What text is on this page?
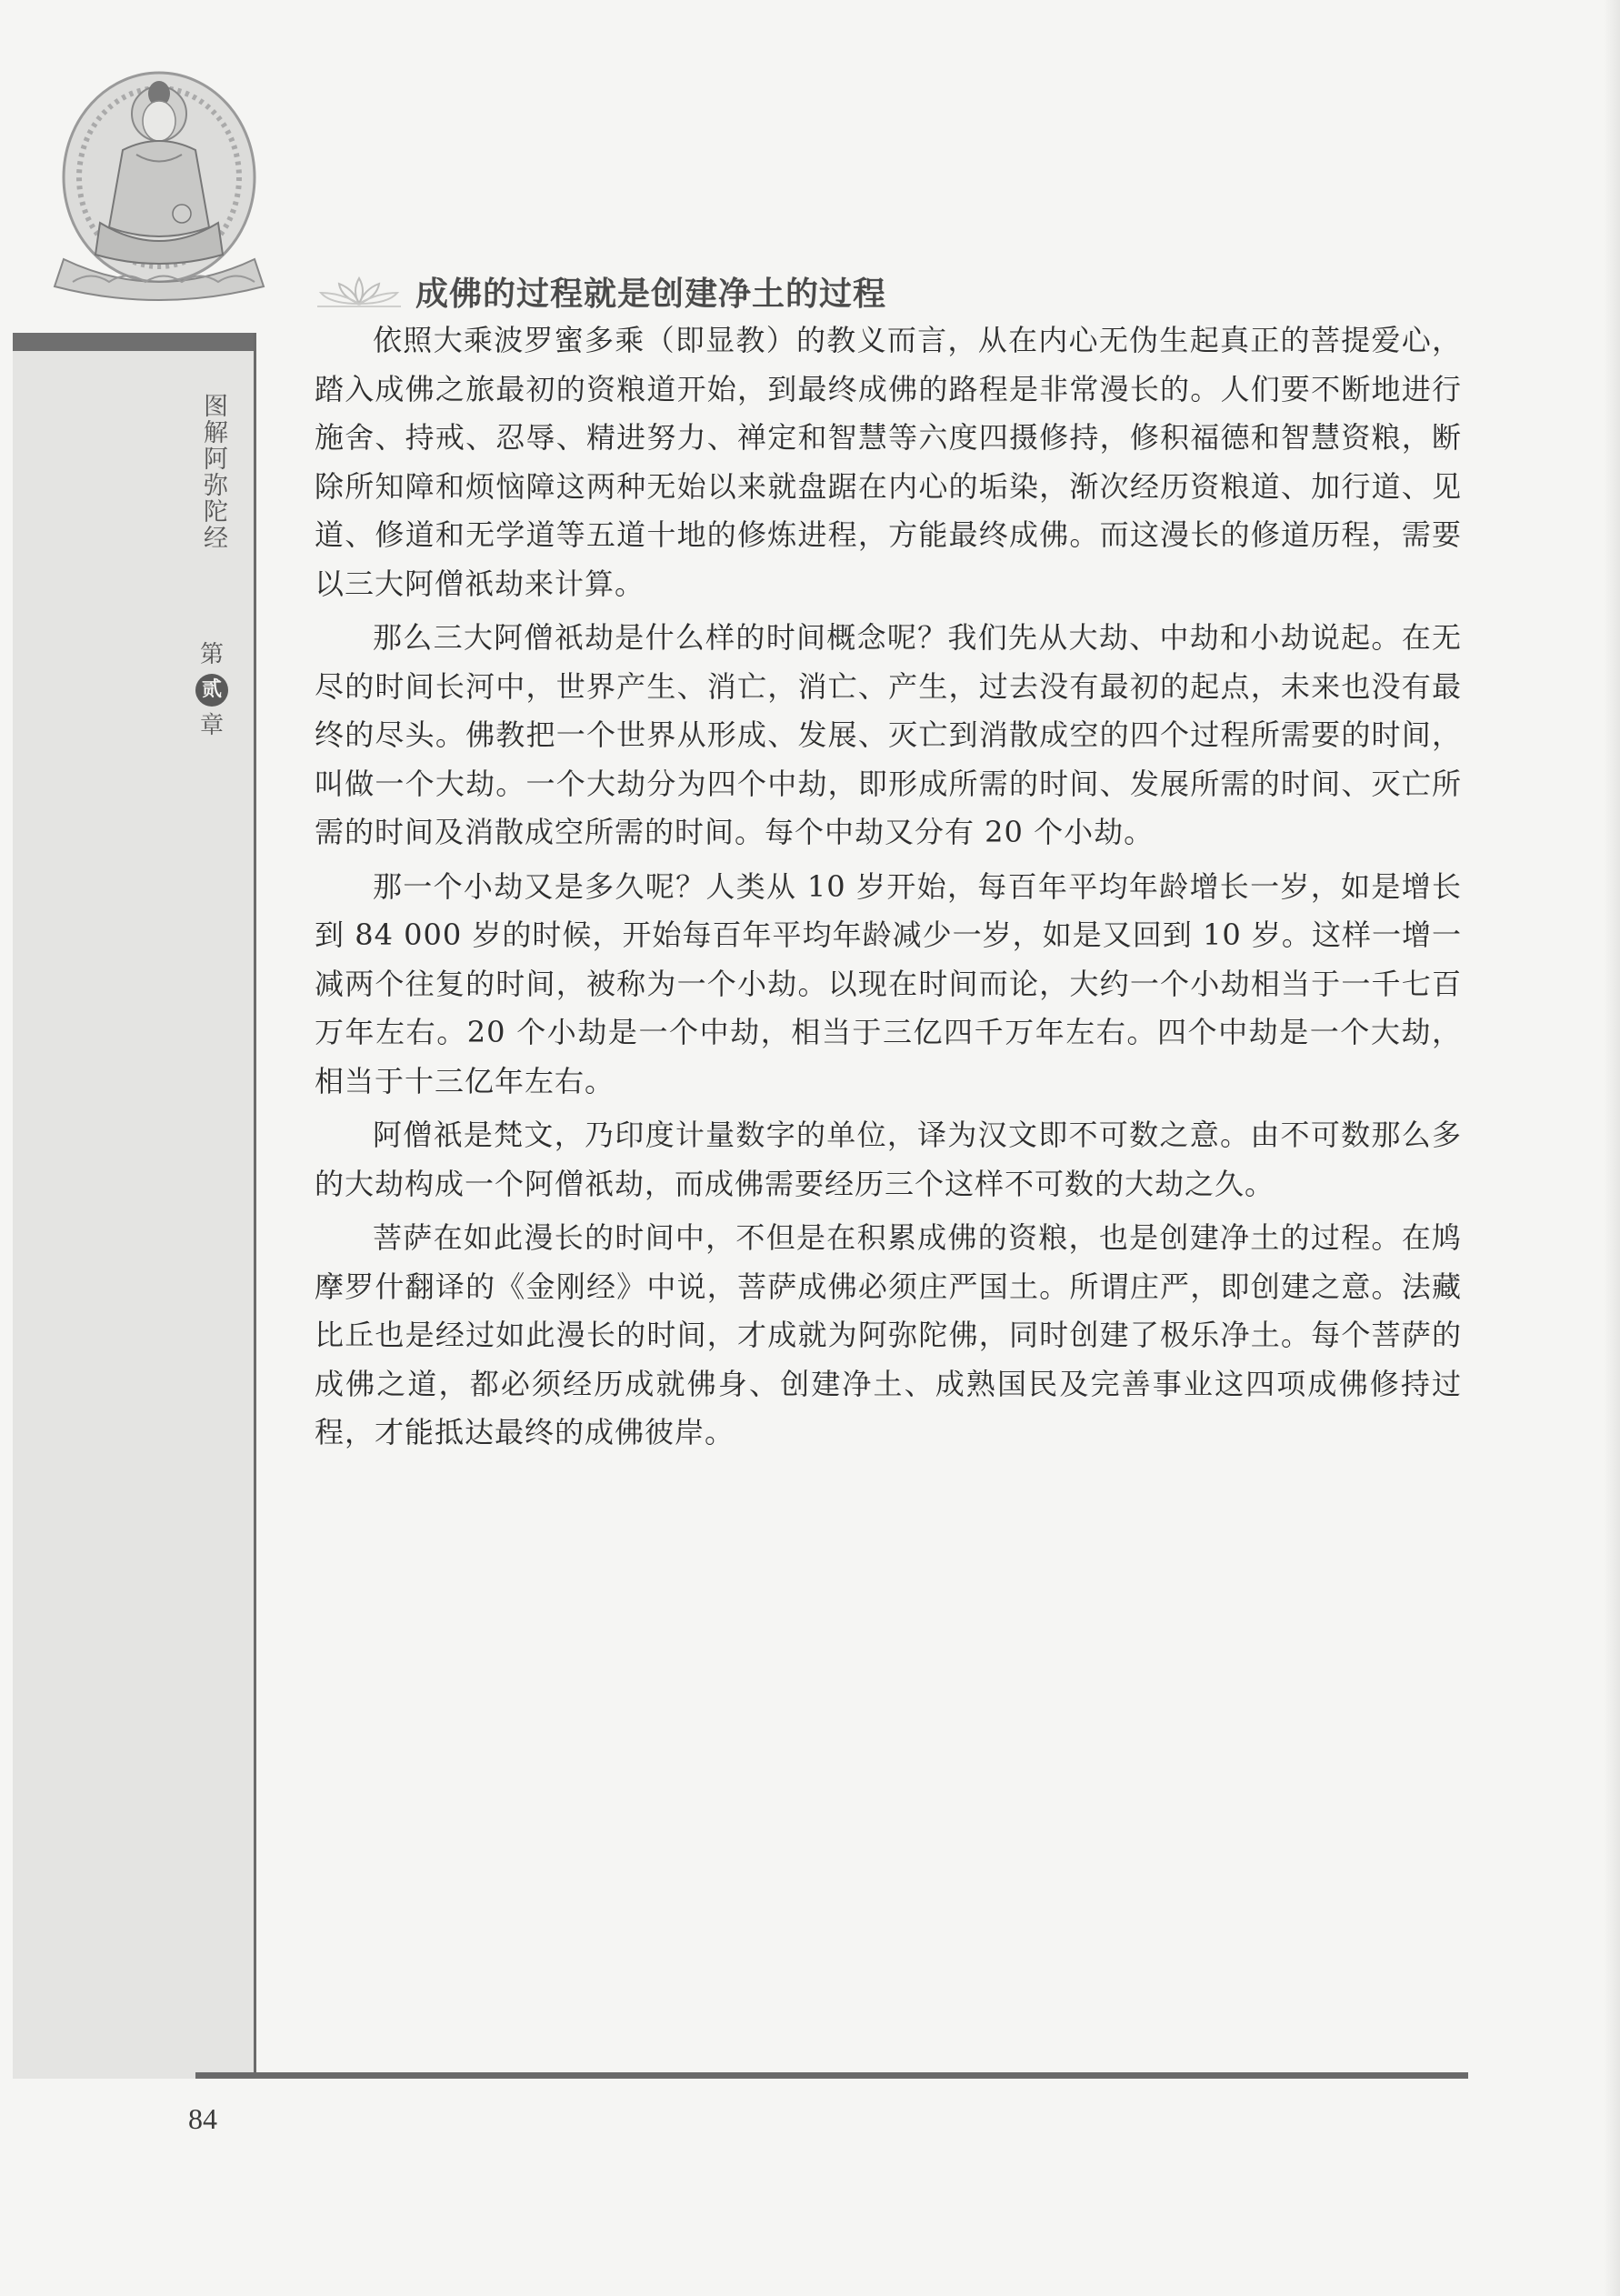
图解阿弥陀经
第
贰
章
成佛的过程就是创建净土的过程

依照大乘波罗蜜多乘（即显教）的教义而言，从在内心无伪生起真正的菩提爱心，踏入成佛之旅最初的资粮道开始，到最终成佛的路程是非常漫长的。人们要不断地进行施舍、持戒、忍辱、精进努力、禅定和智慧等六度四摄修持，修积福德和智慧资粮，断除所知障和烦恼障这两种无始以来就盘踞在内心的垢染，渐次经历资粮道、加行道、见道、修道和无学道等五道十地的修炼进程，方能最终成佛。而这漫长的修道历程，需要以三大阿僧祇劫来计算。

那么三大阿僧祇劫是什么样的时间概念呢？我们先从大劫、中劫和小劫说起。在无尽的时间长河中，世界产生、消亡，消亡、产生，过去没有最初的起点，未来也没有最终的尽头。佛教把一个世界从形成、发展、灭亡到消散成空的四个过程所需要的时间，叫做一个大劫。一个大劫分为四个中劫，即形成所需的时间、发展所需的时间、灭亡所需的时间及消散成空所需的时间。每个中劫又分有 20 个小劫。

那一个小劫又是多久呢？人类从 10 岁开始，每百年平均年龄增长一岁，如是增长到 84 000 岁的时候，开始每百年平均年龄减少一岁，如是又回到 10 岁。这样一增一减两个往复的时间，被称为一个小劫。以现在时间而论，大约一个小劫相当于一千七百万年左右。20 个小劫是一个中劫，相当于三亿四千万年左右。四个中劫是一个大劫，相当于十三亿年左右。

阿僧祇是梵文，乃印度计量数字的单位，译为汉文即不可数之意。由不可数那么多的大劫构成一个阿僧祇劫，而成佛需要经历三个这样不可数的大劫之久。

菩萨在如此漫长的时间中，不但是在积累成佛的资粮，也是创建净土的过程。在鸠摩罗什翻译的《金刚经》中说，菩萨成佛必须庄严国土。所谓庄严，即创建之意。法藏比丘也是经过如此漫长的时间，才成就为阿弥陀佛，同时创建了极乐净土。每个菩萨的成佛之道，都必须经历成就佛身、创建净土、成熟国民及完善事业这四项成佛修持过程，才能抵达最终的成佛彼岸。

84
